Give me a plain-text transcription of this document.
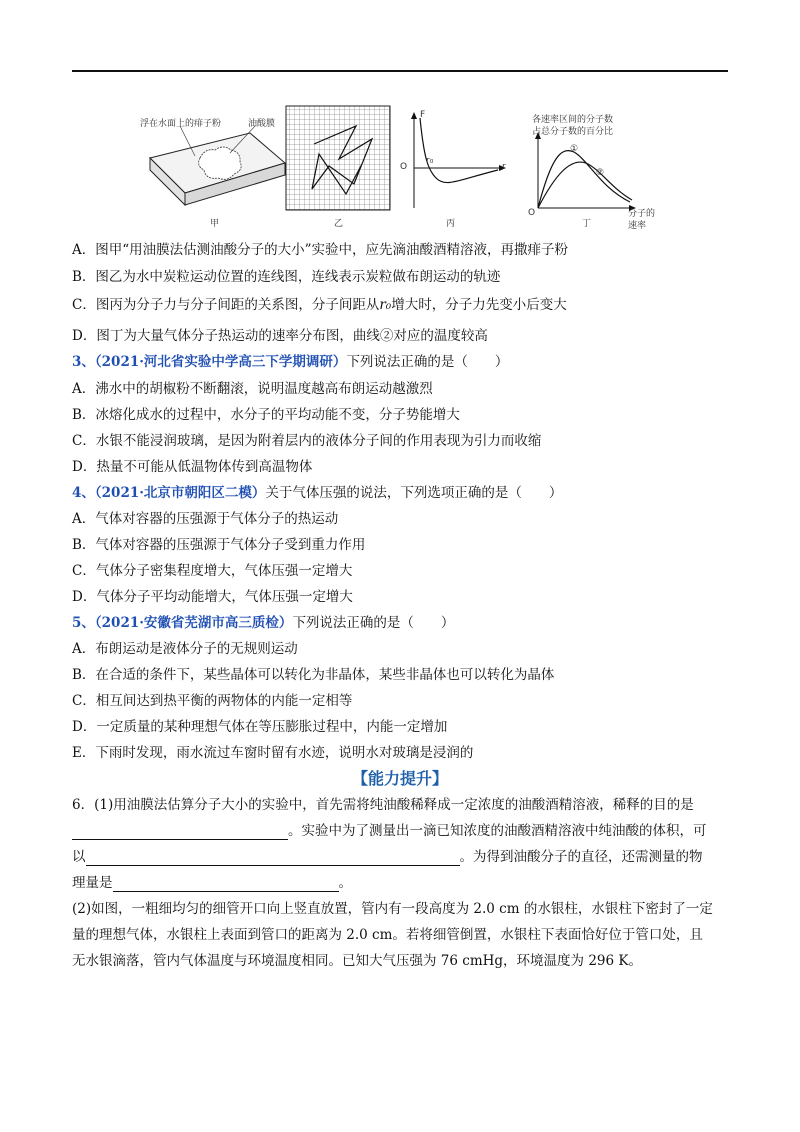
浮在水面上的痱子粉	油酸膜
甲	乙
F
O
r₀
r
丙
各速率区间的分子数
占总分子数的百分比
①
②
O
丁
分子的
速率
A．图甲“用油膜法估测油酸分子的大小”实验中，应先滴油酸酒精溶液，再撒痱子粉
B．图乙为水中炭粒运动位置的连线图，连线表示炭粒做布朗运动的轨迹
C．图丙为分子力与分子间距的关系图，分子间距从r₀增大时，分子力先变小后变大
D．图丁为大量气体分子热运动的速率分布图，曲线②对应的温度较高
3、（2021·河北省实验中学高三下学期调研）下列说法正确的是（　　）
A．沸水中的胡椒粉不断翻滚，说明温度越高布朗运动越激烈
B．冰熔化成水的过程中，水分子的平均动能不变，分子势能增大
C．水银不能浸润玻璃，是因为附着层内的液体分子间的作用表现为引力而收缩
D．热量不可能从低温物体传到高温物体
4、（2021·北京市朝阳区二模）关于气体压强的说法，下列选项正确的是（　　）
A．气体对容器的压强源于气体分子的热运动
B．气体对容器的压强源于气体分子受到重力作用
C．气体分子密集程度增大，气体压强一定增大
D．气体分子平均动能增大，气体压强一定增大
5、（2021·安徽省芜湖市高三质检）下列说法正确的是（　　）
A．布朗运动是液体分子的无规则运动
B．在合适的条件下，某些晶体可以转化为非晶体，某些非晶体也可以转化为晶体
C．相互间达到热平衡的两物体的内能一定相等
D．一定质量的某种理想气体在等压膨胀过程中，内能一定增加
E．下雨时发现，雨水流过车窗时留有水迹，说明水对玻璃是浸润的
【能力提升】
6．(1)用油膜法估算分子大小的实验中，首先需将纯油酸稀释成一定浓度的油酸酒精溶液，稀释的目的是
。实验中为了测量出一滴已知浓度的油酸酒精溶液中纯油酸的体积，可
以	。为得到油酸分子的直径，还需测量的物
理量是	。
(2)如图，一粗细均匀的细管开口向上竖直放置，管内有一段高度为 2.0 cm 的水银柱，水银柱下密封了一定
量的理想气体，水银柱上表面到管口的距离为 2.0 cm。若将细管倒置，水银柱下表面恰好位于管口处，且
无水银滴落，管内气体温度与环境温度相同。已知大气压强为 76 cmHg，环境温度为 296 K。
